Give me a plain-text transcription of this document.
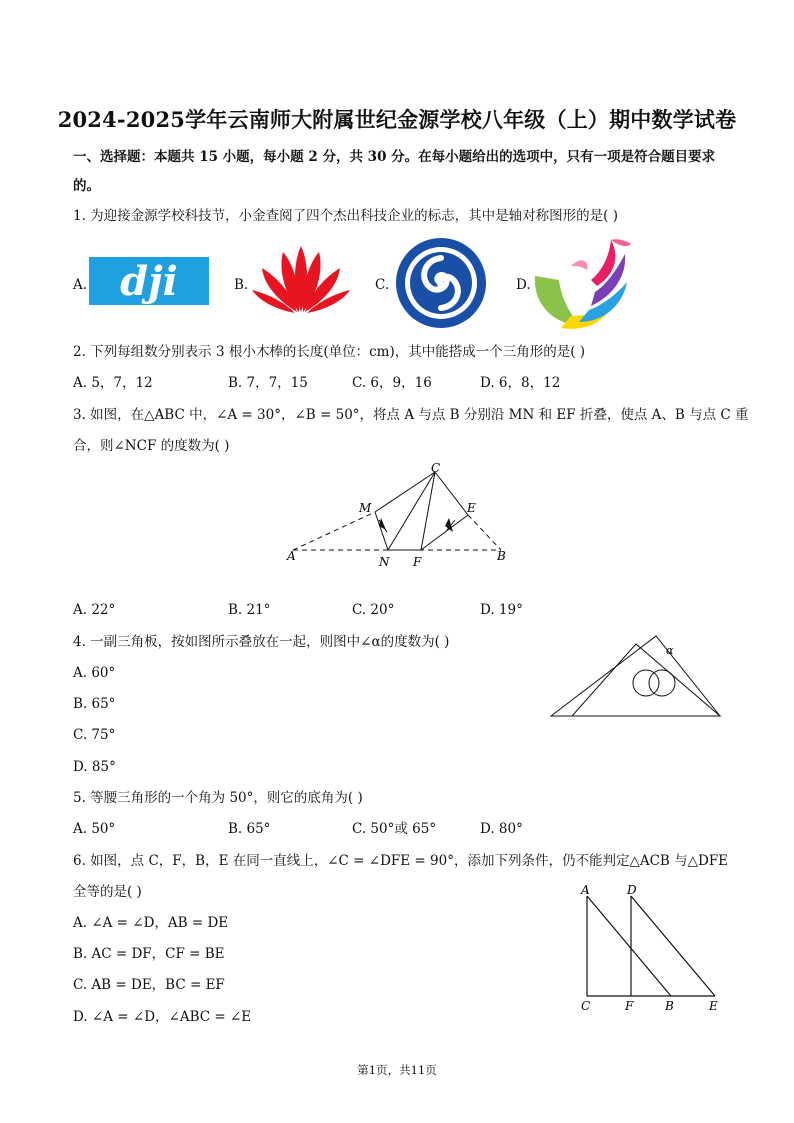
2024-2025学年云南师大附属世纪金源学校八年级（上）期中数学试卷
一、选择题：本题共 15 小题，每小题 2 分，共 30 分。在每小题给出的选项中，只有一项是符合题目要求
的。
1. 为迎接金源学校科技节，小金查阅了四个杰出科技企业的标志，其中是轴对称图形的是( )
A.	B.	C.	D.
dji
2. 下列每组数分别表示 3 根小木棒的长度(单位：cm)，其中能搭成一个三角形的是( )
A. 5，7，12	B. 7，7，15	C. 6，9，16	D. 6，8，12
3. 如图，在△ABC 中，∠A = 30°，∠B = 50°，将点 A 与点 B 分别沿 MN 和 EF 折叠，使点 A、B 与点 C 重
合，则∠NCF 的度数为( )
C
M	E
A	N F	B
A. 22°	B. 21°	C. 20°	D. 19°
4. 一副三角板，按如图所示叠放在一起，则图中∠α的度数为( )
A. 60°
B. 65°
C. 75°
D. 85°
α
5. 等腰三角形的一个角为 50°，则它的底角为( )
A. 50°	B. 65°	C. 50°或 65°	D. 80°
6. 如图，点 C，F，B，E 在同一直线上，∠C = ∠DFE = 90°，添加下列条件，仍不能判定△ACB 与△DFE
全等的是( )
A. ∠A = ∠D，AB = DE
B. AC = DF，CF = BE
C. AB = DE，BC = EF
D. ∠A = ∠D，∠ABC = ∠E
A	D
C	F	B	E
第1页，共11页
